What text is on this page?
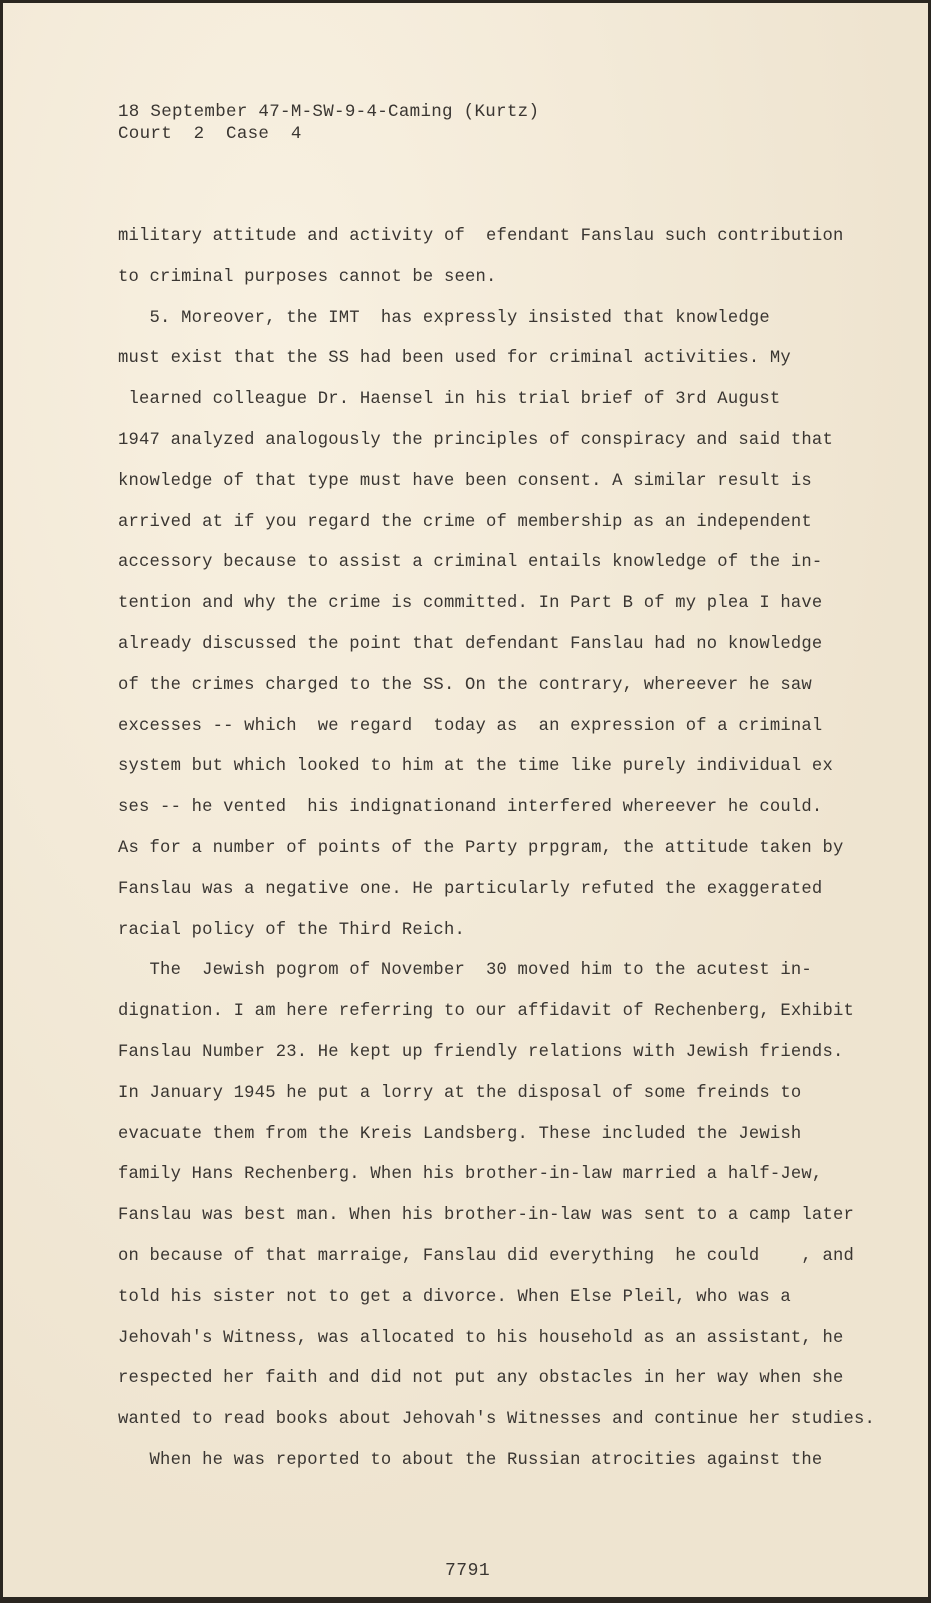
18 September 47-M-SW-9-4-Caming (Kurtz)
Court  2  Case  4
military attitude and activity of  efendant Fanslau such contribution
to criminal purposes cannot be seen.
5. Moreover, the IMT  has expressly insisted that knowledge
must exist that the SS had been used for criminal activities. My
learned colleague Dr. Haensel in his trial brief of 3rd August
1947 analyzed analogously the principles of conspiracy and said that
knowledge of that type must have been consent. A similar result is
arrived at if you regard the crime of membership as an independent
accessory because to assist a criminal entails knowledge of the in-
tention and why the crime is committed. In Part B of my plea I have
already discussed the point that defendant Fanslau had no knowledge
of the crimes charged to the SS. On the contrary, whereever he saw
excesses -- which  we regard  today as  an expression of a criminal
system but which looked to him at the time like purely individual ex
ses -- he vented  his indignationand interfered whereever he could.
As for a number of points of the Party prpgram, the attitude taken by
Fanslau was a negative one. He particularly refuted the exaggerated
racial policy of the Third Reich.
The  Jewish pogrom of November  30 moved him to the acutest in-
dignation. I am here referring to our affidavit of Rechenberg, Exhibit
Fanslau Number 23. He kept up friendly relations with Jewish friends.
In January 1945 he put a lorry at the disposal of some freinds to
evacuate them from the Kreis Landsberg. These included the Jewish
family Hans Rechenberg. When his brother-in-law married a half-Jew,
Fanslau was best man. When his brother-in-law was sent to a camp later
on because of that marraige, Fanslau did everything  he could    , and
told his sister not to get a divorce. When Else Pleil, who was a
Jehovah's Witness, was allocated to his household as an assistant, he
respected her faith and did not put any obstacles in her way when she
wanted to read books about Jehovah's Witnesses and continue her studies.
When he was reported to about the Russian atrocities against the
7791
